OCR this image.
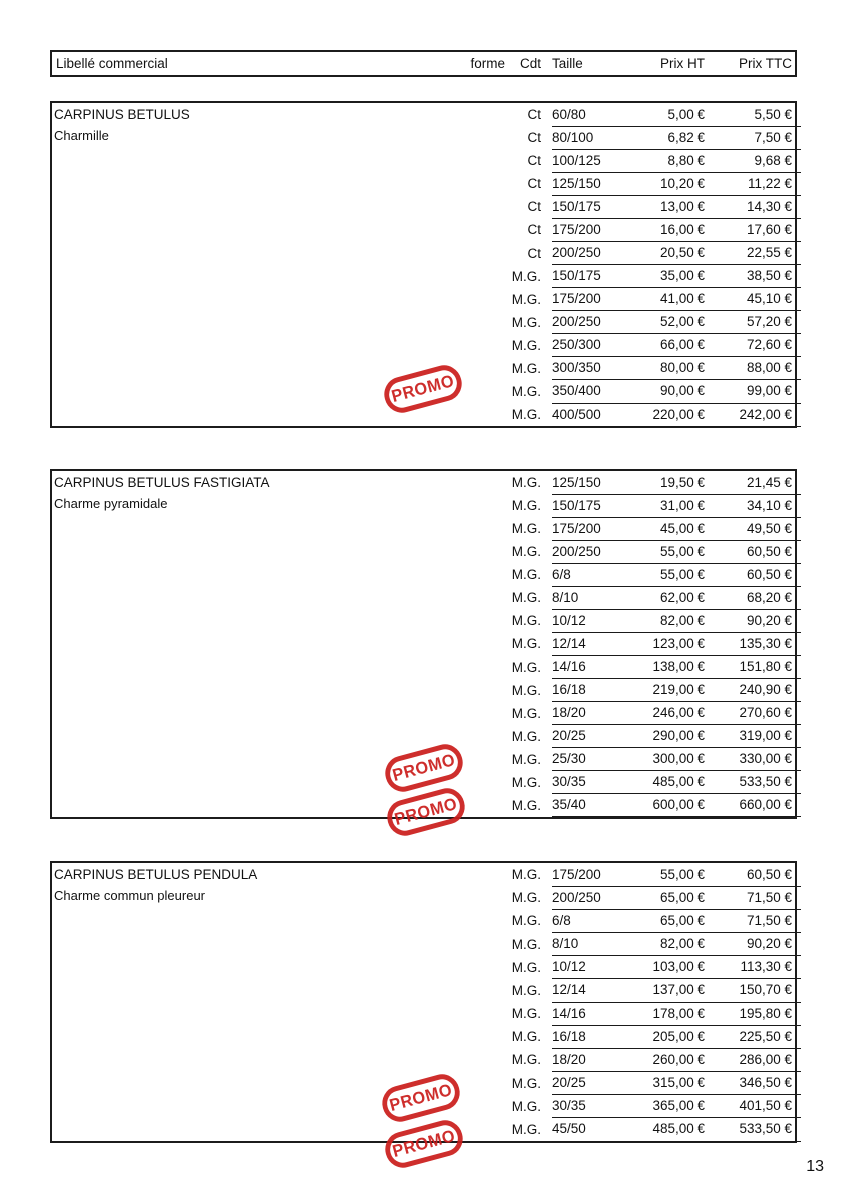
Libellé commercial	forme	Cdt Taille	Prix HT	Prix TTC
CARPINUS BETULUS
Charmille
Ct 60/80	5,00 €	5,50 €
Ct 80/100	6,82 €	7,50 €
Ct 100/125	8,80 €	9,68 €
Ct 125/150	10,20 €	11,22 €
Ct 150/175	13,00 €	14,30 €
Ct 175/200	16,00 €	17,60 €
Ct 200/250	20,50 €	22,55 €
M.G. 150/175	35,00 €	38,50 €
M.G. 175/200	41,00 €	45,10 €
M.G. 200/250	52,00 €	57,20 €
M.G. 250/300	66,00 €	72,60 €
M.G. 300/350	80,00 €	88,00 €
M.G. 350/400	90,00 €	99,00 €
M.G. 400/500	220,00 €	242,00 €
PROMO
CARPINUS BETULUS FASTIGIATA
Charme pyramidale
M.G. 125/150	19,50 €	21,45 €
M.G. 150/175	31,00 €	34,10 €
M.G. 175/200	45,00 €	49,50 €
M.G. 200/250	55,00 €	60,50 €
M.G. 6/8	55,00 €	60,50 €
M.G. 8/10	62,00 €	68,20 €
M.G. 10/12	82,00 €	90,20 €
M.G. 12/14	123,00 €	135,30 €
M.G. 14/16	138,00 €	151,80 €
M.G. 16/18	219,00 €	240,90 €
M.G. 18/20	246,00 €	270,60 €
M.G. 20/25	290,00 €	319,00 €
M.G. 25/30	300,00 €	330,00 €
M.G. 30/35	485,00 €	533,50 €
M.G. 35/40	600,00 €	660,00 €
PROMO
PROMO
CARPINUS BETULUS PENDULA
Charme commun pleureur
M.G. 175/200	55,00 €	60,50 €
M.G. 200/250	65,00 €	71,50 €
M.G. 6/8	65,00 €	71,50 €
M.G. 8/10	82,00 €	90,20 €
M.G. 10/12	103,00 €	113,30 €
M.G. 12/14	137,00 €	150,70 €
M.G. 14/16	178,00 €	195,80 €
M.G. 16/18	205,00 €	225,50 €
M.G. 18/20	260,00 €	286,00 €
M.G. 20/25	315,00 €	346,50 €
M.G. 30/35	365,00 €	401,50 €
M.G. 45/50	485,00 €	533,50 €
PROMO
PROMO
13
